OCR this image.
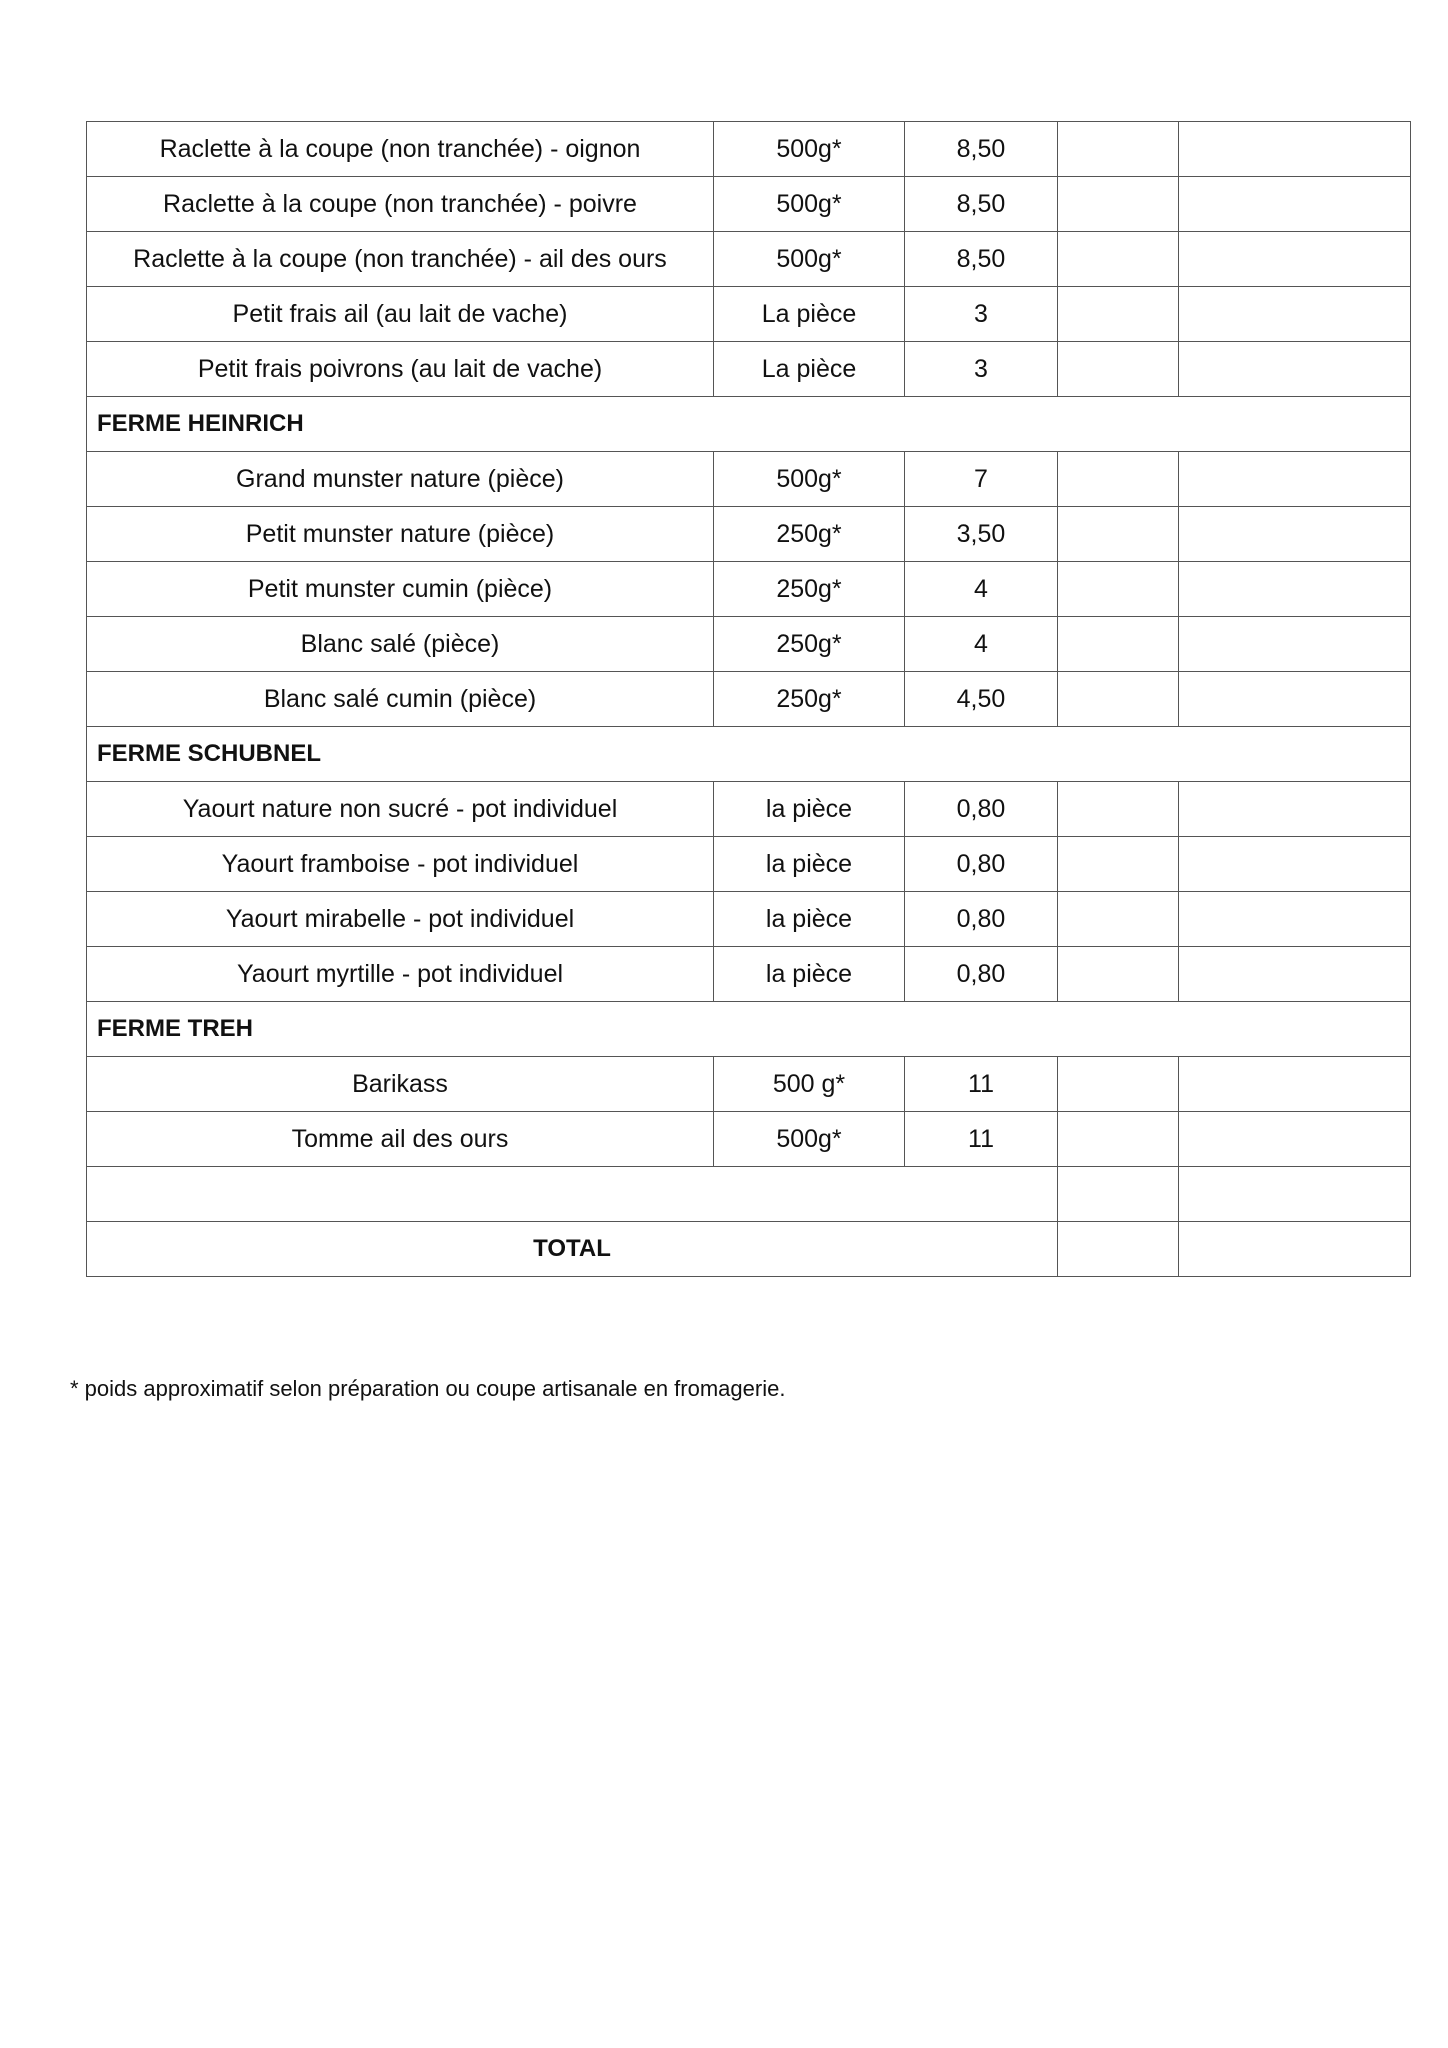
Raclette à la coupe (non tranchée) - oignon	500g*	8,50		
Raclette à la coupe (non tranchée) - poivre	500g*	8,50		
Raclette à la coupe (non tranchée) - ail des ours	500g*	8,50		
Petit frais ail (au lait de vache)	La pièce	3		
Petit frais poivrons (au lait de vache)	La pièce	3		
FERME HEINRICH				
Grand munster nature (pièce)	500g*	7		
Petit munster nature (pièce)	250g*	3,50		
Petit munster cumin (pièce)	250g*	4		
Blanc salé (pièce)	250g*	4		
Blanc salé cumin (pièce)	250g*	4,50		
FERME SCHUBNEL				
Yaourt nature non sucré - pot individuel	la pièce	0,80		
Yaourt framboise - pot individuel	la pièce	0,80		
Yaourt mirabelle - pot individuel	la pièce	0,80		
Yaourt myrtille - pot individuel	la pièce	0,80		
FERME TREH				
Barikass	500 g*	11		
Tomme ail des ours	500g*	11		

TOTAL				

* poids approximatif selon préparation ou coupe artisanale en fromagerie.
